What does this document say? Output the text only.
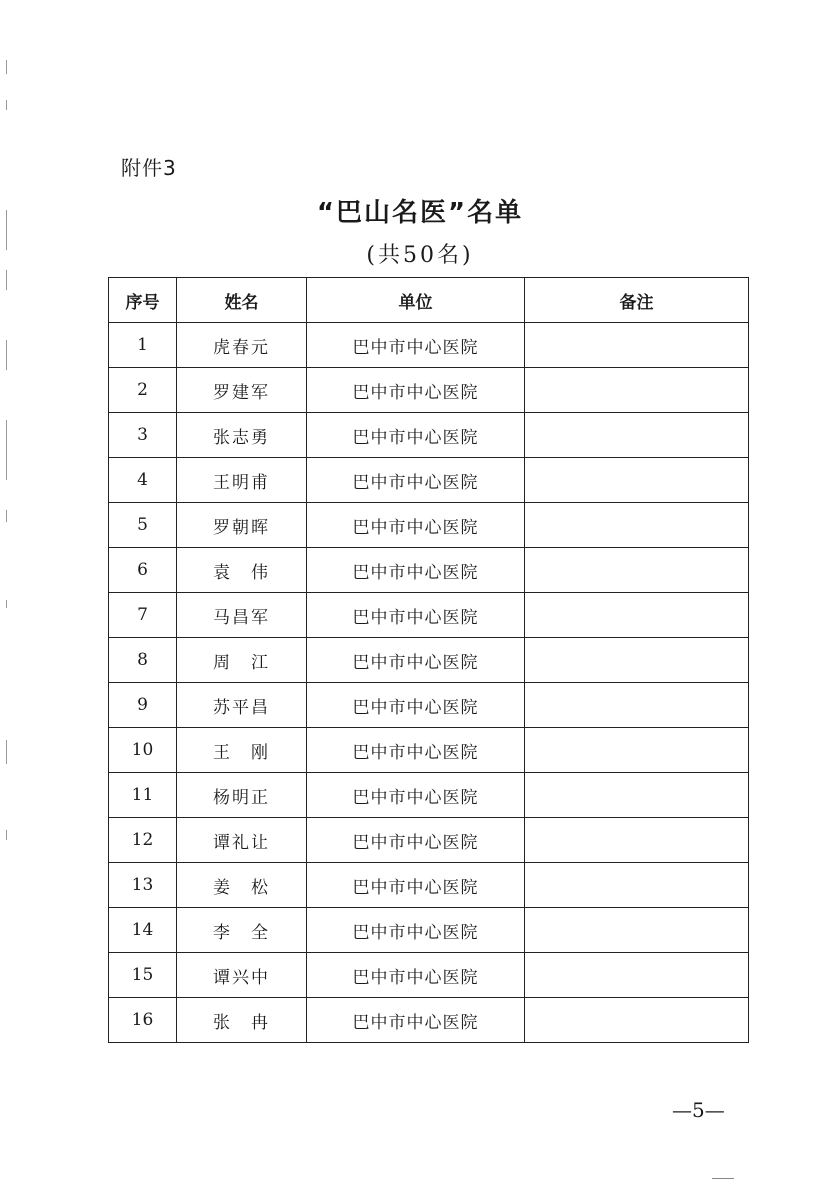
附件3
“巴山名医”名单
(共50名)
序号	姓名	单位	备注
1	虎春元	巴中市中心医院	
2	罗建军	巴中市中心医院	
3	张志勇	巴中市中心医院	
4	王明甫	巴中市中心医院	
5	罗朝晖	巴中市中心医院	
6	袁　伟	巴中市中心医院	
7	马昌军	巴中市中心医院	
8	周　江	巴中市中心医院	
9	苏平昌	巴中市中心医院	
10	王　刚	巴中市中心医院	
11	杨明正	巴中市中心医院	
12	谭礼让	巴中市中心医院	
13	姜　松	巴中市中心医院	
14	李　全	巴中市中心医院	
15	谭兴中	巴中市中心医院	
16	张　冉	巴中市中心医院	
—5—
